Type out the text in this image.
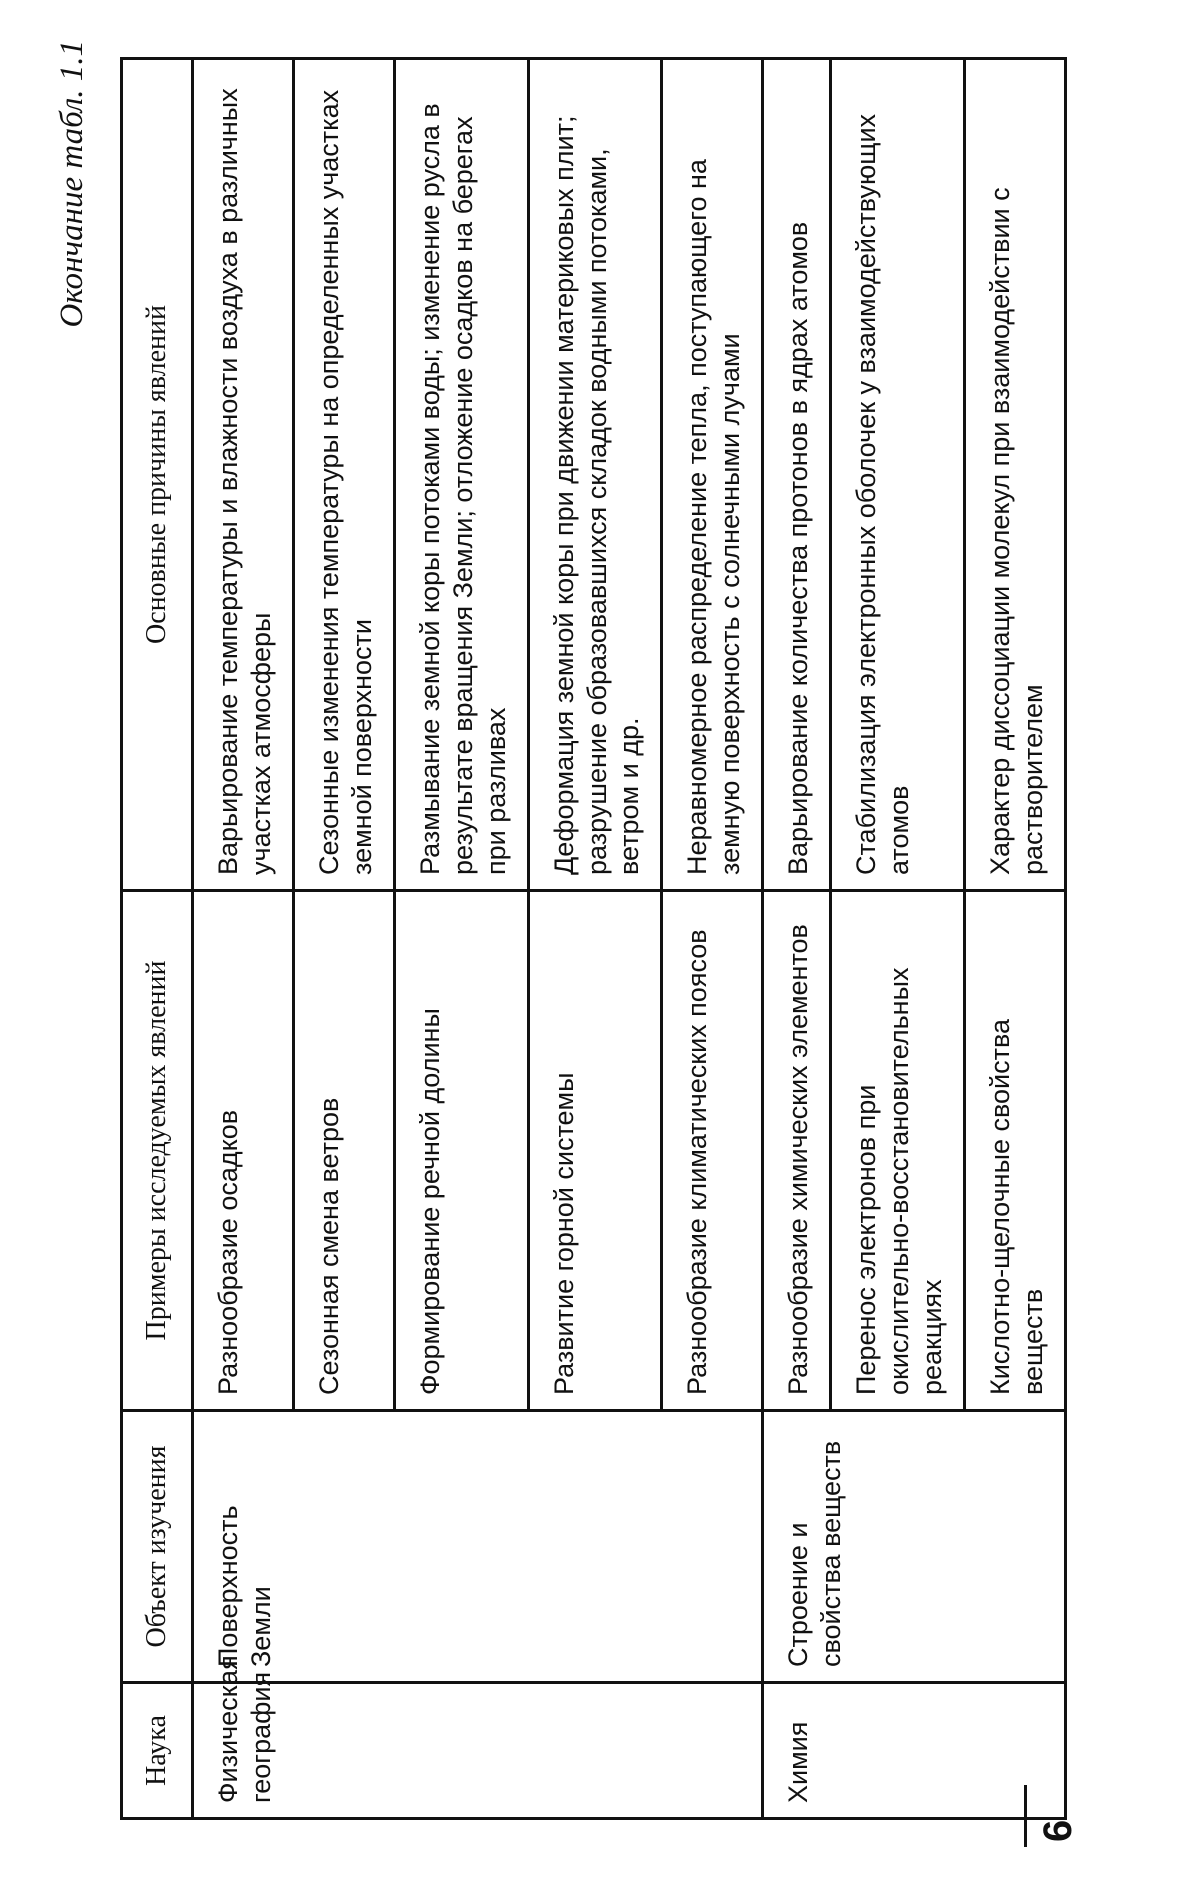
Окончание табл. 1.1
Наука	Объект изучения	Примеры исследуемых явлений	Основные причины явлений
Физическая география	Поверхность Земли	Разнообразие осадков	Варьирование температуры и влажности воздуха в различных участках атмосферы
Сезонная смена ветров	Сезонные изменения температуры на определенных участках земной поверхности
Формирование речной долины	Размывание земной коры потоками воды; изменение русла в результате вращения Земли; отложение осадков на берегах при разливах
Развитие горной системы	Деформация земной коры при движении материковых плит; разрушение образовавшихся складок водными потоками, ветром и др.
Разнообразие климатических поясов	Неравномерное распределение тепла, поступающего на земную поверхность с солнечными лучами
Химия	Строение и свойства веществ	Разнообразие химических элементов	Варьирование количества протонов в ядрах атомов
Перенос электронов при окислительно-восстановительных реакциях	Стабилизация электронных оболочек у взаимодействующих атомов
Кислотно-щелочные свойства веществ	Характер диссоциации молекул при взаимодействии с растворителем
6
